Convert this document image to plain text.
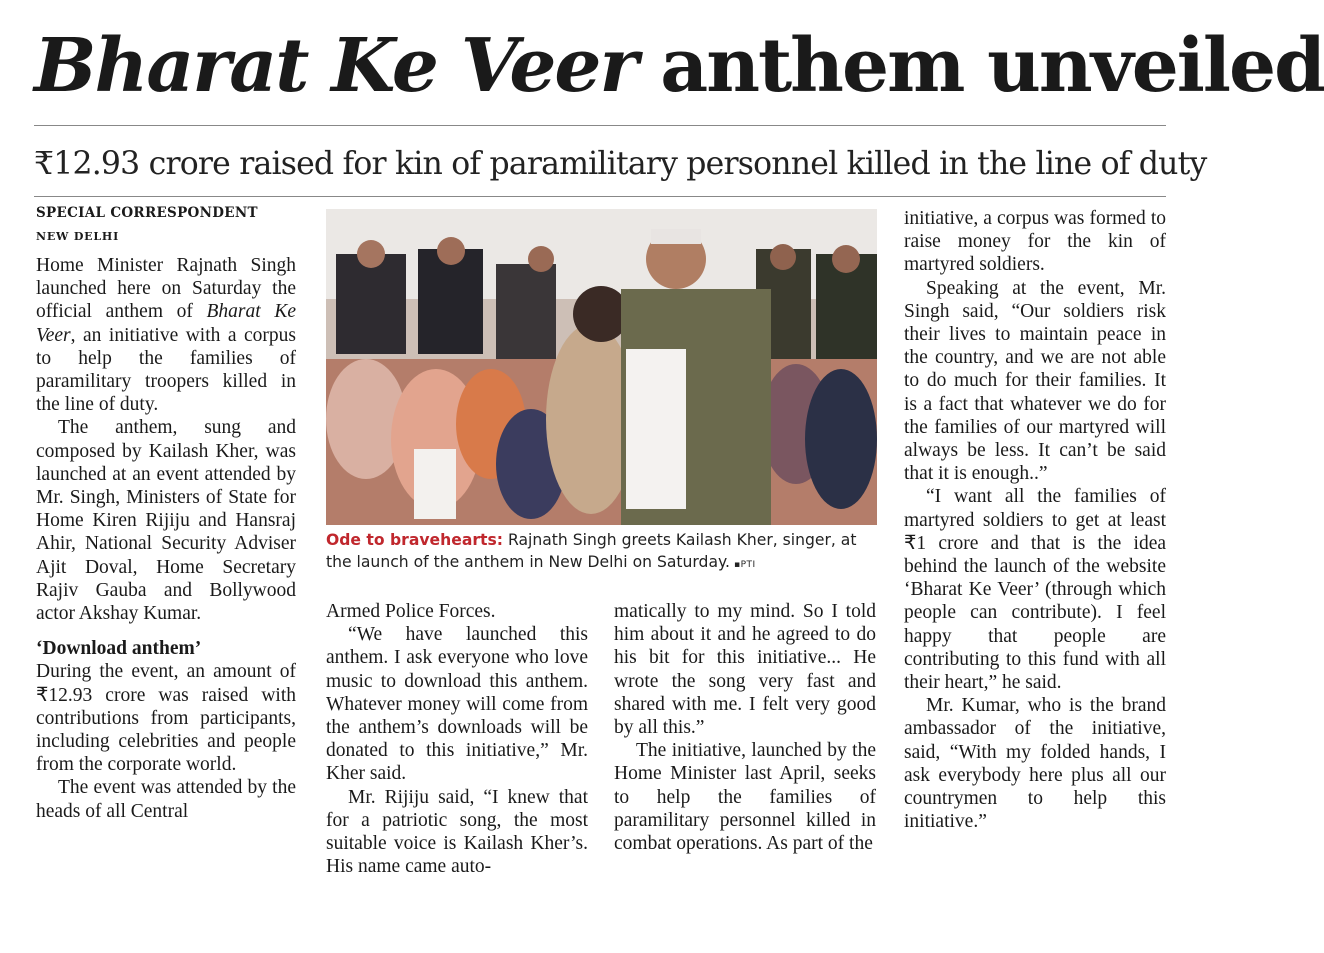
Bharat Ke Veer anthem unveiled
₹12.93 crore raised for kin of paramilitary personnel killed in the line of duty
SPECIAL CORRESPONDENT
NEW DELHI

Home Minister Rajnath Singh launched here on Saturday the official anthem of Bharat Ke Veer, an initiative with a corpus to help the families of paramilitary troopers killed in the line of duty.

The anthem, sung and composed by Kailash Kher, was launched at an event attended by Mr. Singh, Ministers of State for Home Kiren Rijiju and Hansraj Ahir, National Security Adviser Ajit Doval, Home Secretary Rajiv Gauba and Bollywood actor Akshay Kumar.

‘Download anthem’

During the event, an amount of ₹12.93 crore was raised with contributions from participants, including celebrities and people from the corporate world.

The event was attended by the heads of all Central

Ode to bravehearts: Rajnath Singh greets Kailash Kher, singer, at the launch of the anthem in New Delhi on Saturday. ▪PTI

Armed Police Forces.

“We have launched this anthem. I ask everyone who love music to download this anthem. Whatever money will come from the anthem’s downloads will be donated to this initiative,” Mr. Kher said.

Mr. Rijiju said, “I knew that for a patriotic song, the most suitable voice is Kailash Kher’s. His name came auto-

matically to my mind. So I told him about it and he agreed to do his bit for this initiative... He wrote the song very fast and shared with me. I felt very good by all this.”

The initiative, launched by the Home Minister last April, seeks to help the families of paramilitary personnel killed in combat operations. As part of the

initiative, a corpus was formed to raise money for the kin of martyred soldiers.

Speaking at the event, Mr. Singh said, “Our soldiers risk their lives to maintain peace in the country, and we are not able to do much for their families. It is a fact that whatever we do for the families of our martyred will always be less. It can’t be said that it is enough..”

“I want all the families of martyred soldiers to get at least ₹1 crore and that is the idea behind the launch of the website ‘Bharat Ke Veer’ (through which people can contribute). I feel happy that people are contributing to this fund with all their heart,” he said.

Mr. Kumar, who is the brand ambassador of the initiative, said, “With my folded hands, I ask everybody here plus all our countrymen to help this initiative.”
